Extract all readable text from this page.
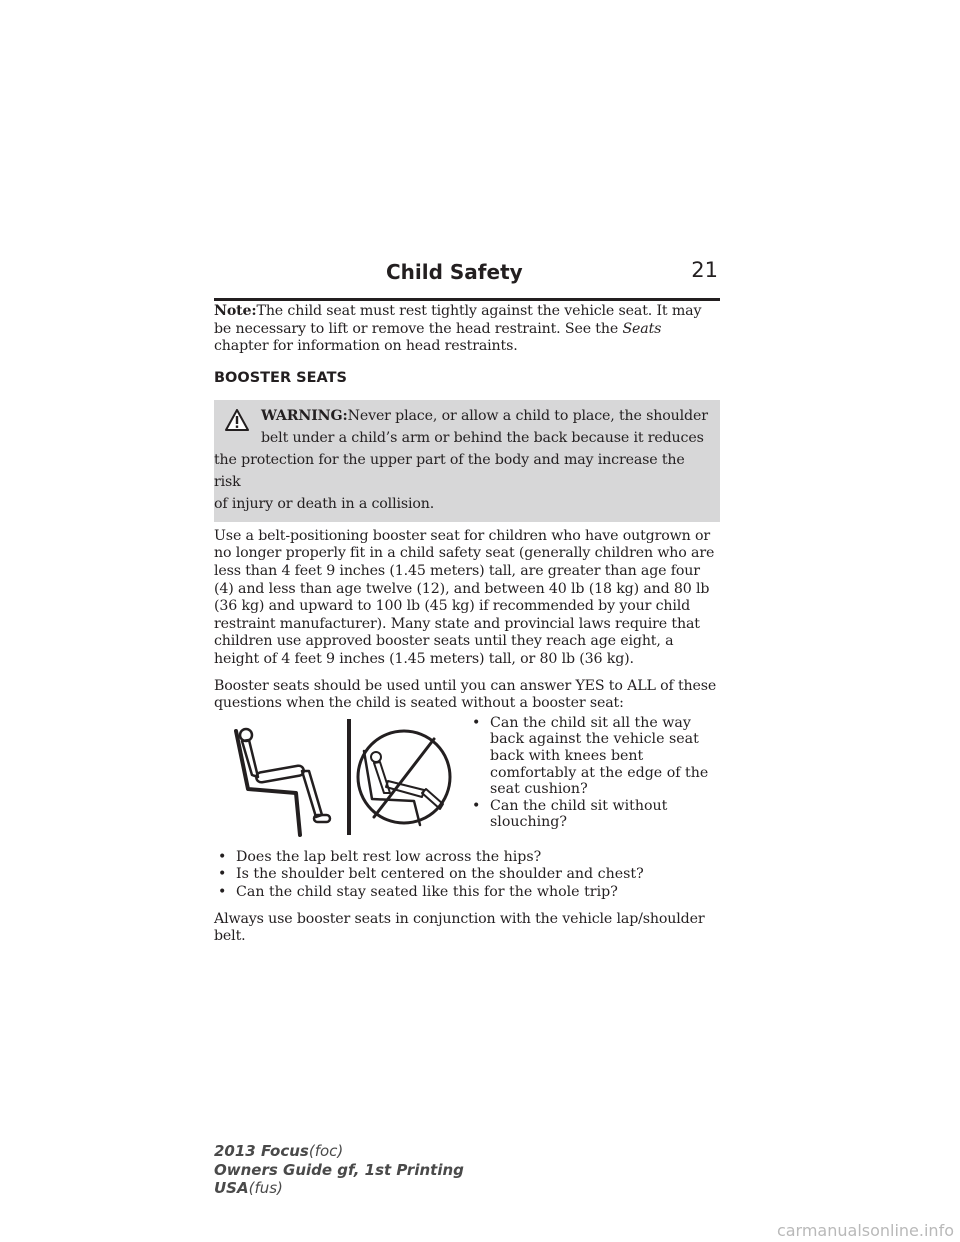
Child Safety	21

Note:The child seat must rest tightly against the vehicle seat. It may be necessary to lift or remove the head restraint. See the Seats chapter for information on head restraints.

BOOSTER SEATS

WARNING:Never place, or allow a child to place, the shoulder

belt under a child’s arm or behind the back because it reduces

the protection for the upper part of the body and may increase the risk

of injury or death in a collision.

Use a belt-positioning booster seat for children who have outgrown or no longer properly fit in a child safety seat (generally children who are less than 4 feet 9 inches (1.45 meters) tall, are greater than age four (4) and less than age twelve (12), and between 40 lb (18 kg) and 80 lb (36 kg) and upward to 100 lb (45 kg) if recommended by your child restraint manufacturer). Many state and provincial laws require that children use approved booster seats until they reach age eight, a height of 4 feet 9 inches (1.45 meters) tall, or 80 lb (36 kg).

Booster seats should be used until you can answer YES to ALL of these questions when the child is seated without a booster seat:

• Can the child sit all the way back against the vehicle seat back with knees bent comfortably at the edge of the seat cushion?
• Can the child sit without slouching?
• Does the lap belt rest low across the hips?
• Is the shoulder belt centered on the shoulder and chest?
• Can the child stay seated like this for the whole trip?

Always use booster seats in conjunction with the vehicle lap/shoulder belt.

2013 Focus(foc)
Owners Guide gf, 1st Printing
USA(fus)
carmanualsonline.info
